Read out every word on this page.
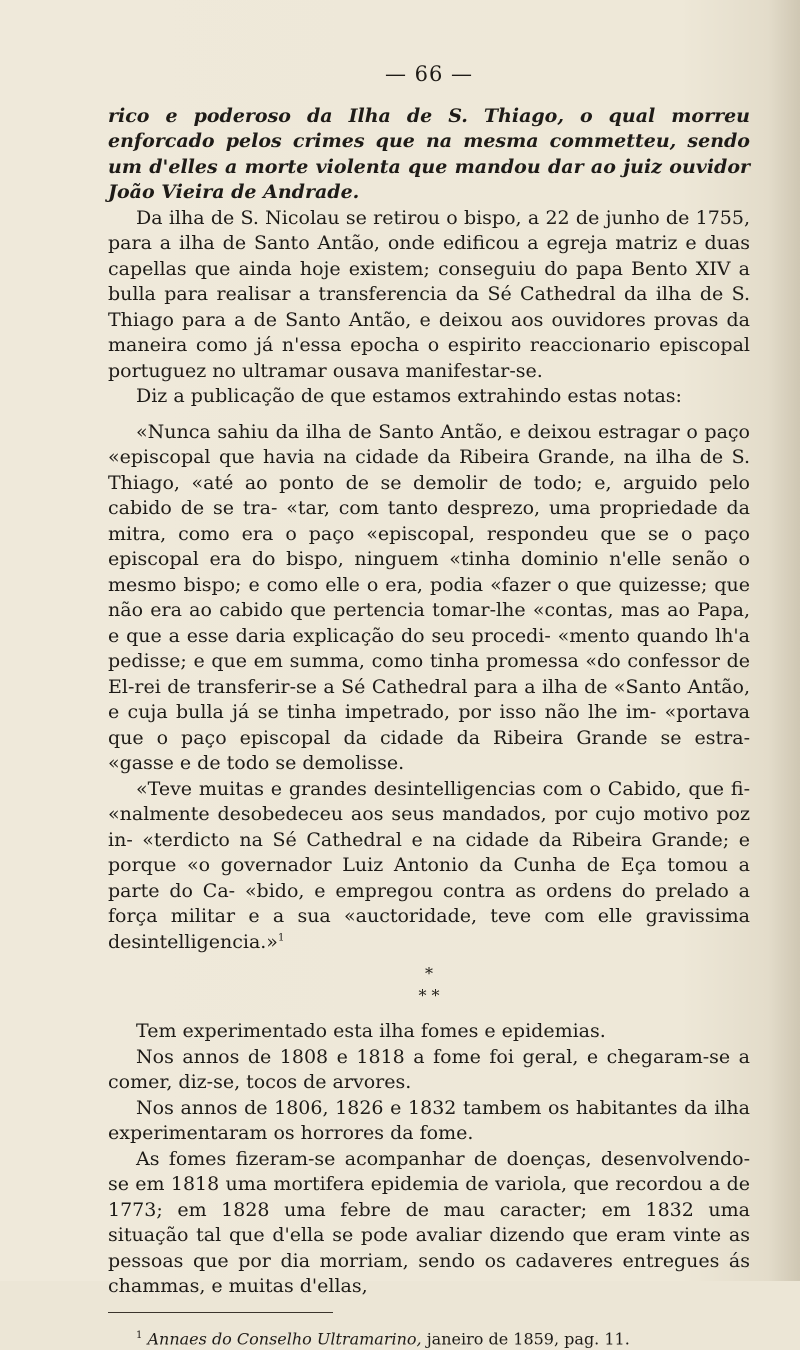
— 66 —

rico e poderoso da Ilha de S. Thiago, o qual morreu enforcado pelos crimes que na mesma commetteu, sendo um d'elles a morte violenta que mandou dar ao juiz ouvidor João Vieira de Andrade.

Da ilha de S. Nicolau se retirou o bispo, a 22 de junho de 1755, para a ilha de Santo Antão, onde edificou a egreja matriz e duas capellas que ainda hoje existem; conseguiu do papa Bento XIV a bulla para realisar a transferencia da Sé Cathedral da ilha de S. Thiago para a de Santo Antão, e deixou aos ouvidores provas da maneira como já n'essa epocha o espirito reaccionario episcopal portuguez no ultramar ousava manifestar-se.

Diz a publicação de que estamos extrahindo estas notas:

«Nunca sahiu da ilha de Santo Antão, e deixou estragar o paço «episcopal que havia na cidade da Ribeira Grande, na ilha de S. Thiago, «até ao ponto de se demolir de todo; e, arguido pelo cabido de se tra- «tar, com tanto desprezo, uma propriedade da mitra, como era o paço «episcopal, respondeu que se o paço episcopal era do bispo, ninguem «tinha dominio n'elle senão o mesmo bispo; e como elle o era, podia «fazer o que quizesse; que não era ao cabido que pertencia tomar-lhe «contas, mas ao Papa, e que a esse daria explicação do seu procedi- «mento quando lh'a pedisse; e que em summa, como tinha promessa «do confessor de El-rei de transferir-se a Sé Cathedral para a ilha de «Santo Antão, e cuja bulla já se tinha impetrado, por isso não lhe im- «portava que o paço episcopal da cidade da Ribeira Grande se estra- «gasse e de todo se demolisse.

«Teve muitas e grandes desintelligencias com o Cabido, que fi- «nalmente desobedeceu aos seus mandados, por cujo motivo poz in- «terdicto na Sé Cathedral e na cidade da Ribeira Grande; e porque «o governador Luiz Antonio da Cunha de Eça tomou a parte do Ca- «bido, e empregou contra as ordens do prelado a força militar e a sua «auctoridade, teve com elle gravissima desintelligencia.»$^1$

*
* *

Tem experimentado esta ilha fomes e epidemias.

Nos annos de 1808 e 1818 a fome foi geral, e chegaram-se a comer, diz-se, tocos de arvores.

Nos annos de 1806, 1826 e 1832 tambem os habitantes da ilha experimentaram os horrores da fome.

As fomes fizeram-se acompanhar de doenças, desenvolvendo-se em 1818 uma mortifera epidemia de variola, que recordou a de 1773; em 1828 uma febre de mau caracter; em 1832 uma situação tal que d'ella se pode avaliar dizendo que eram vinte as pessoas que por dia morriam, sendo os cadaveres entregues ás chammas, e muitas d'ellas,

$^1$ Annaes do Conselho Ultramarino, janeiro de 1859, pag. 11.
